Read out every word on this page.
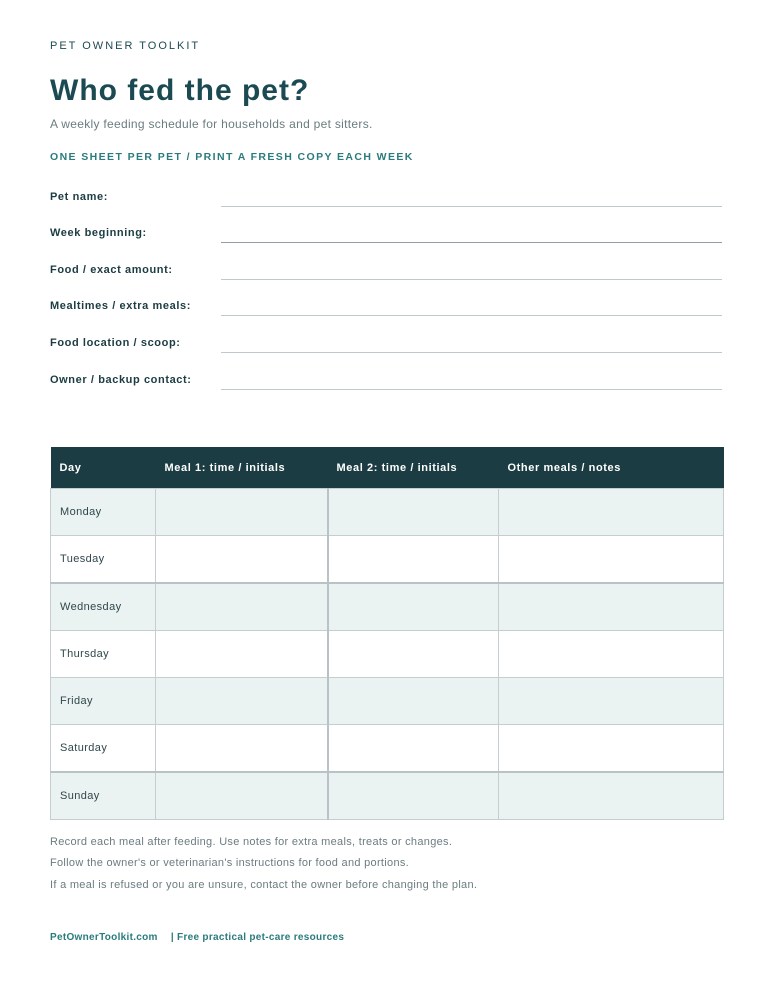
PET OWNER TOOLKIT
Who fed the pet?
A weekly feeding schedule for households and pet sitters.
ONE SHEET PER PET / PRINT A FRESH COPY EACH WEEK
Pet name:
Week beginning:
Food / exact amount:
Mealtimes / extra meals:
Food location / scoop:
Owner / backup contact:
Day	Meal 1: time / initials	Meal 2: time / initials	Other meals / notes
Monday			
Tuesday			
Wednesday			
Thursday			
Friday			
Saturday			
Sunday			
Record each meal after feeding. Use notes for extra meals, treats or changes.
Follow the owner's or veterinarian's instructions for food and portions.
If a meal is refused or you are unsure, contact the owner before changing the plan.
PetOwnerToolkit.com | Free practical pet-care resources
